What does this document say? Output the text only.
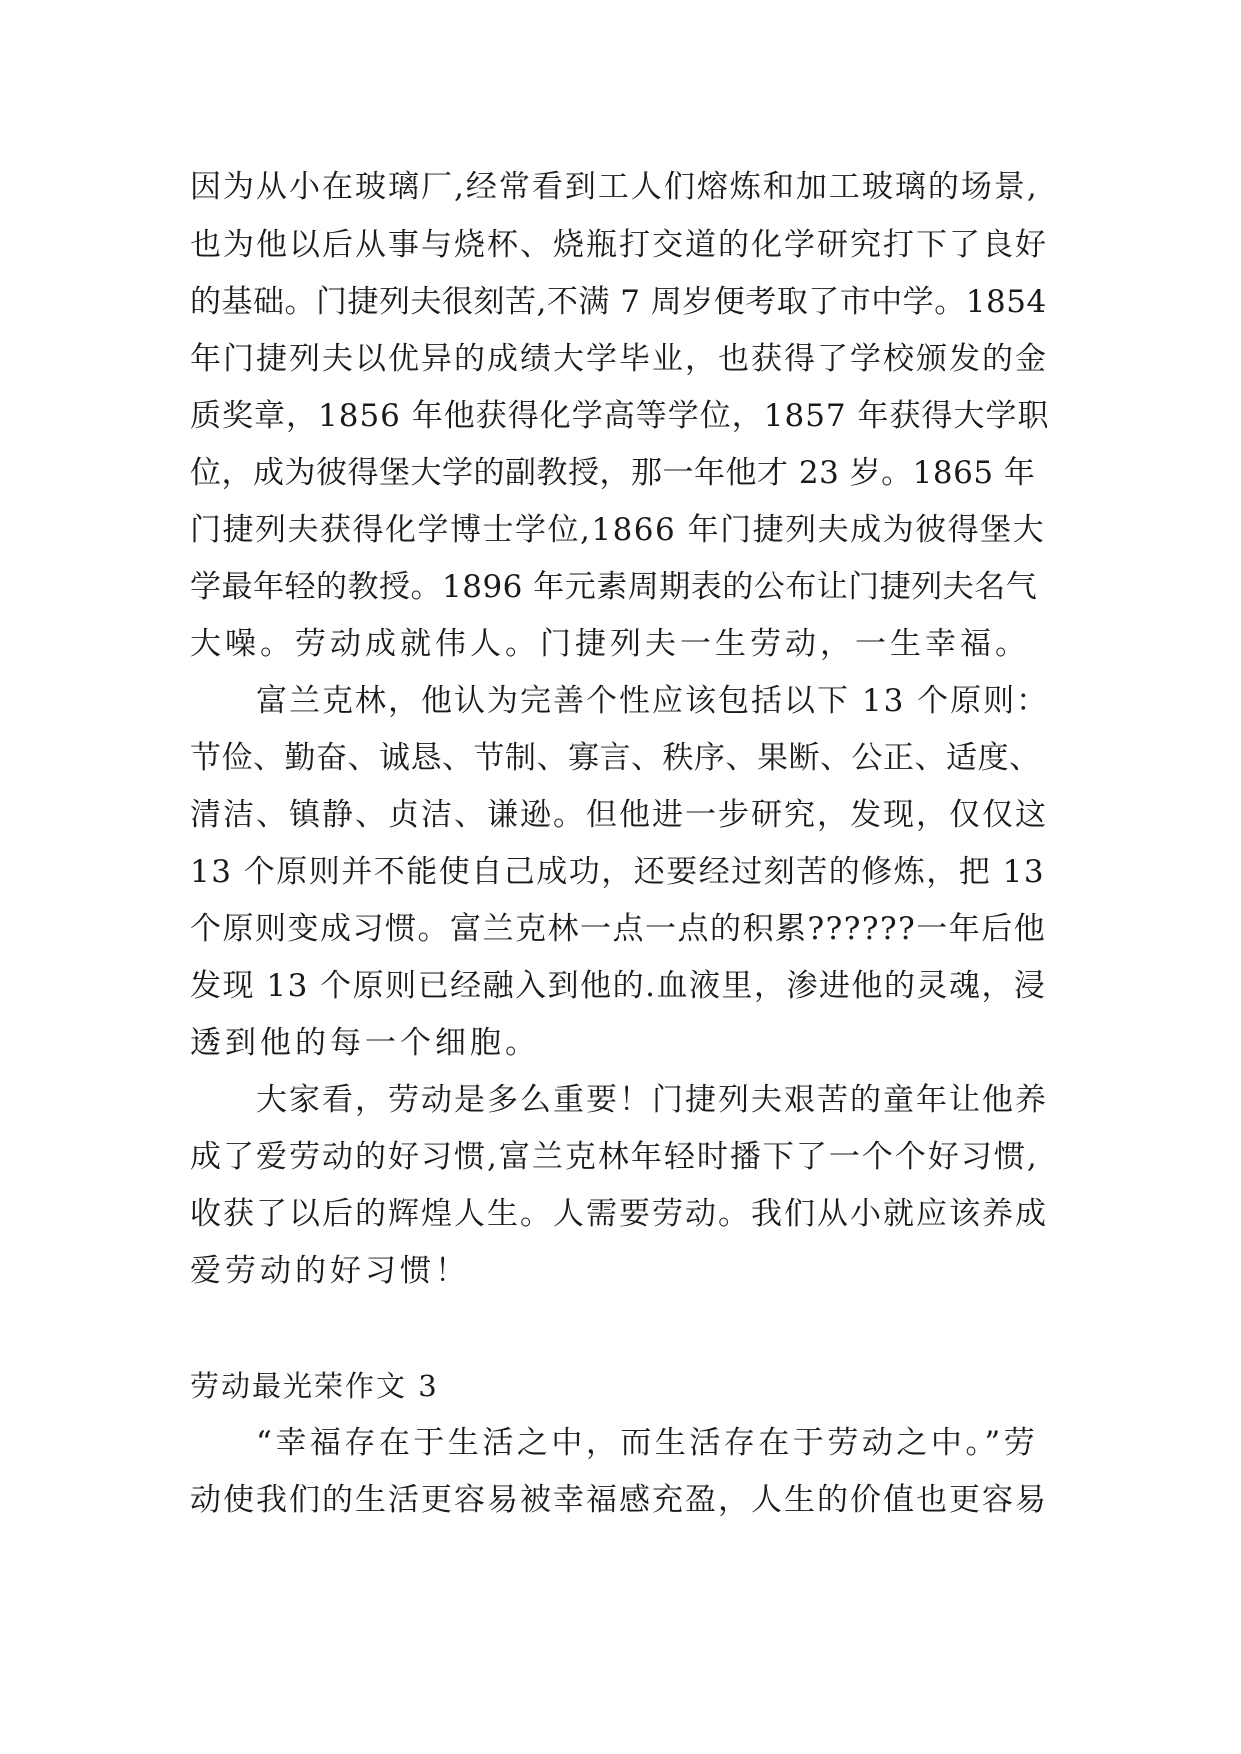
因为从小在玻璃厂,经常看到工人们熔炼和加工玻璃的场景,

也为他以后从事与烧杯、烧瓶打交道的化学研究打下了良好

的基础。门捷列夫很刻苦,不满 7 周岁便考取了市中学。1854

年门捷列夫以优异的成绩大学毕业，也获得了学校颁发的金

质奖章，1856 年他获得化学高等学位，1857 年获得大学职

位，成为彼得堡大学的副教授，那一年他才 23 岁。1865 年

门捷列夫获得化学博士学位,1866 年门捷列夫成为彼得堡大

学最年轻的教授。1896 年元素周期表的公布让门捷列夫名气

大噪。劳动成就伟人。门捷列夫一生劳动，一生幸福。

富兰克林，他认为完善个性应该包括以下 13 个原则：

节俭、勤奋、诚恳、节制、寡言、秩序、果断、公正、适度、

清洁、镇静、贞洁、谦逊。但他进一步研究，发现，仅仅这

13 个原则并不能使自己成功，还要经过刻苦的修炼，把 13

个原则变成习惯。富兰克林一点一点的积累??????一年后他

发现 13 个原则已经融入到他的.血液里，渗进他的灵魂，浸

透到他的每一个细胞。

大家看，劳动是多么重要！门捷列夫艰苦的童年让他养

成了爱劳动的好习惯,富兰克林年轻时播下了一个个好习惯,

收获了以后的辉煌人生。人需要劳动。我们从小就应该养成

爱劳动的好习惯！

劳动最光荣作文 3

“幸福存在于生活之中，而生活存在于劳动之中。”劳

动使我们的生活更容易被幸福感充盈，人生的价值也更容易
